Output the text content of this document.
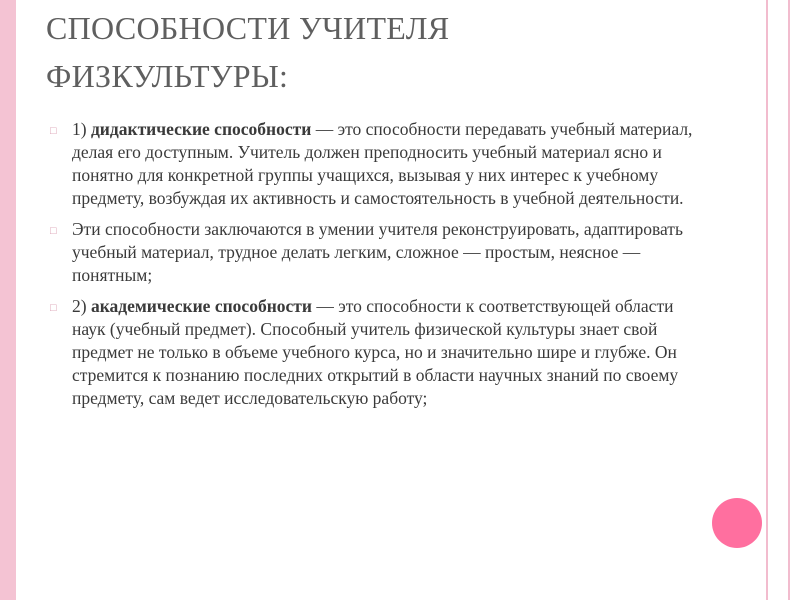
СПОСОБНОСТИ УЧИТЕЛЯ
ФИЗКУЛЬТУРЫ:
□ 1) дидактические способности — это способности передавать учебный материал, делая его доступным. Учитель должен преподносить учебный материал ясно и понятно для конкретной группы учащихся, вызывая у них интерес к учебному предмету, возбуждая их активность и самостоятельность в учебной деятельности.
□ Эти способности заключаются в умении учителя реконструировать, адаптировать учебный материал, трудное делать легким, сложное — простым, неясное — понятным;
□ 2) академические способности — это способности к соответствующей области наук (учебный предмет). Способный учитель физической культуры знает свой предмет не только в объеме учебного курса, но и значительно шире и глубже. Он стремится к познанию последних открытий в области научных знаний по своему предмету, сам ведет исследовательскую работу;
